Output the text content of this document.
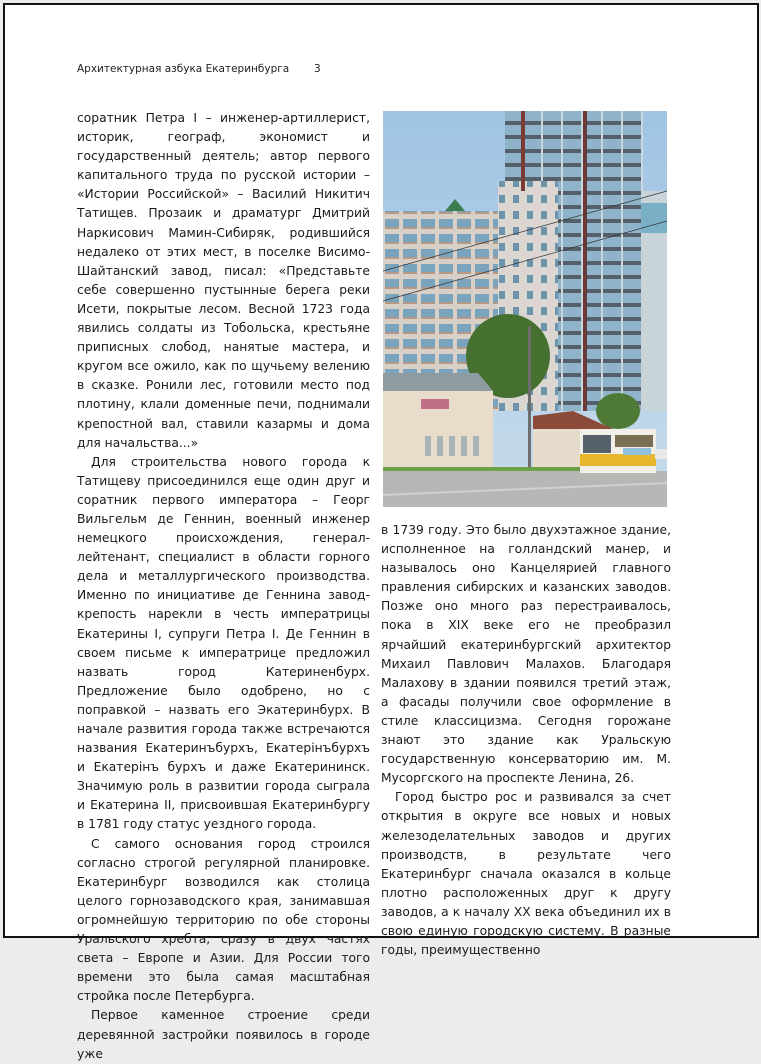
Архитектурная азбука Екатеринбурга 3

соратник Петра I – инженер-артиллерист, историк, географ, экономист и государственный деятель; автор первого капитального труда по русской истории – «Истории Российской» – Василий Никитич Татищев. Прозаик и драматург Дмитрий Наркисович Мамин-Сибиряк, родившийся недалеко от этих мест, в поселке Висимо-Шайтанский завод, писал: «Представьте себе совершенно пустынные берега реки Исети, покрытые лесом. Весной 1723 года явились солдаты из Тобольска, крестьяне приписных слобод, нанятые мастера, и кругом все ожило, как по щучьему велению в сказке. Ронили лес, готовили место под плотину, клали доменные печи, поднимали крепостной вал, ставили казармы и дома для начальства...»

Для строительства нового города к Татищеву присоединился еще один друг и соратник первого императора – Георг Вильгельм де Геннин, военный инженер немецкого происхождения, генерал-лейтенант, специалист в области горного дела и металлургического производства. Именно по инициативе де Геннина завод-крепость нарекли в честь императрицы Екатерины I, супруги Петра I. Де Геннин в своем письме к императрице предложил назвать город Катериненбурх. Предложение было одобрено, но с поправкой – назвать его Экатеринбурх. В начале развития города также встречаются названия Екатеринъбурхъ, Екатерінъбурхъ и Екатерінъ бурхъ и даже Екатерининск. Значимую роль в развитии города сыграла и Екатерина II, присвоившая Екатеринбургу в 1781 году статус уездного города.

С самого основания город строился согласно строгой регулярной планировке. Екатеринбург возводился как столица целого горнозаводского края, занимавшая огромнейшую территорию по обе стороны Уральского хребта, сразу в двух частях света – Европе и Азии. Для России того времени это была самая масштабная стройка после Петербурга.

Первое каменное строение среди деревянной застройки появилось в городе уже

в 1739 году. Это было двухэтажное здание, исполненное на голландский манер, и называлось оно Канцелярией главного правления сибирских и казанских заводов. Позже оно много раз перестраивалось, пока в XIX веке его не преобразил ярчайший екатеринбургский архитектор Михаил Павлович Малахов. Благодаря Малахову в здании появился третий этаж, а фасады получили свое оформление в стиле классицизма. Сегодня горожане знают это здание как Уральскую государственную консерваторию им. М. Мусоргского на проспекте Ленина, 26.

Город быстро рос и развивался за счет открытия в округе все новых и новых железоделательных заводов и других производств, в результате чего Екатеринбург сначала оказался в кольце плотно расположенных друг к другу заводов, а к началу XX века объединил их в свою единую городскую систему. В разные годы, преимущественно
